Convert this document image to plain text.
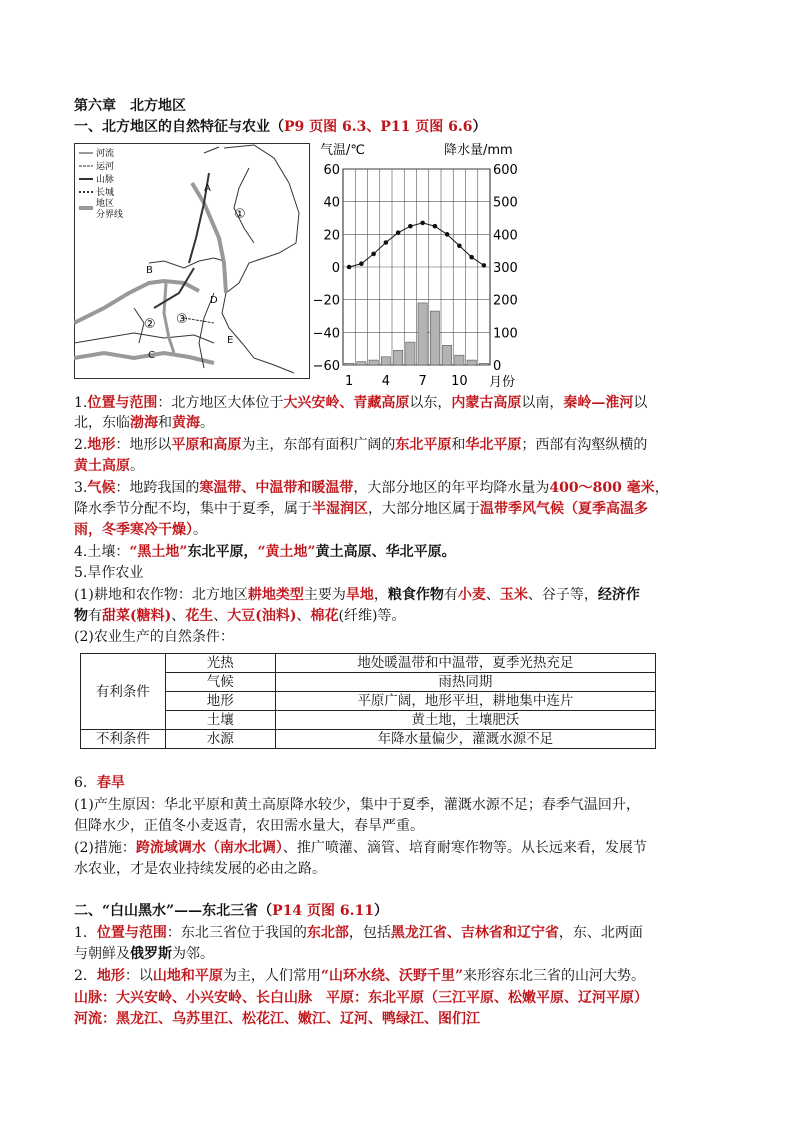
第六章　北方地区
一、北方地区的自然特征与农业（P9 页图 6.3、P11 页图 6.6）
河流
运河
山脉
长城
地区
分界线
A
B
C
D
E
①
② ③
气温/℃	降水量/mm
60
40
20
0
−20
−40
−60
600
500
400
300
200
100
0
1 4 7 10 月份
1.位置与范围：北方地区大体位于大兴安岭、青藏高原以东，内蒙古高原以南，秦岭—淮河以
北，东临渤海和黄海。
2.地形：地形以平原和高原为主，东部有面积广阔的东北平原和华北平原；西部有沟壑纵横的
黄土高原。
3.气候：地跨我国的寒温带、中温带和暖温带，大部分地区的年平均降水量为400～800 毫米，
降水季节分配不均，集中于夏季，属于半湿润区，大部分地区属于温带季风气候（夏季高温多
雨，冬季寒冷干燥）。
4.土壤：“黑土地”东北平原，“黄土地”黄土高原、华北平原。
5.旱作农业
(1)耕地和农作物：北方地区耕地类型主要为旱地，粮食作物有小麦、玉米、谷子等，经济作
物有甜菜(糖料)、花生、大豆(油料)、棉花(纤维)等。
(2)农业生产的自然条件：
有利条件	光热	地处暖温带和中温带，夏季光热充足
	气候	雨热同期
	地形	平原广阔，地形平坦，耕地集中连片
	土壤	黄土地，土壤肥沃
不利条件	水源	年降水量偏少，灌溉水源不足
6．春旱
(1)产生原因：华北平原和黄土高原降水较少，集中于夏季，灌溉水源不足；春季气温回升，
但降水少，正值冬小麦返青，农田需水量大，春旱严重。
(2)措施：跨流域调水（南水北调）、推广喷灌、滴管、培育耐寒作物等。从长远来看，发展节
水农业，才是农业持续发展的必由之路。
二、“白山黑水”——东北三省（P14 页图 6.11）
1．位置与范围：东北三省位于我国的东北部，包括黑龙江省、吉林省和辽宁省，东、北两面
与朝鲜及俄罗斯为邻。
2．地形：以山地和平原为主，人们常用“山环水绕、沃野千里”来形容东北三省的山河大势。
山脉：大兴安岭、小兴安岭、长白山脉　平原：东北平原（三江平原、松嫩平原、辽河平原）
河流：黑龙江、乌苏里江、松花江、嫩江、辽河、鸭绿江、图们江
